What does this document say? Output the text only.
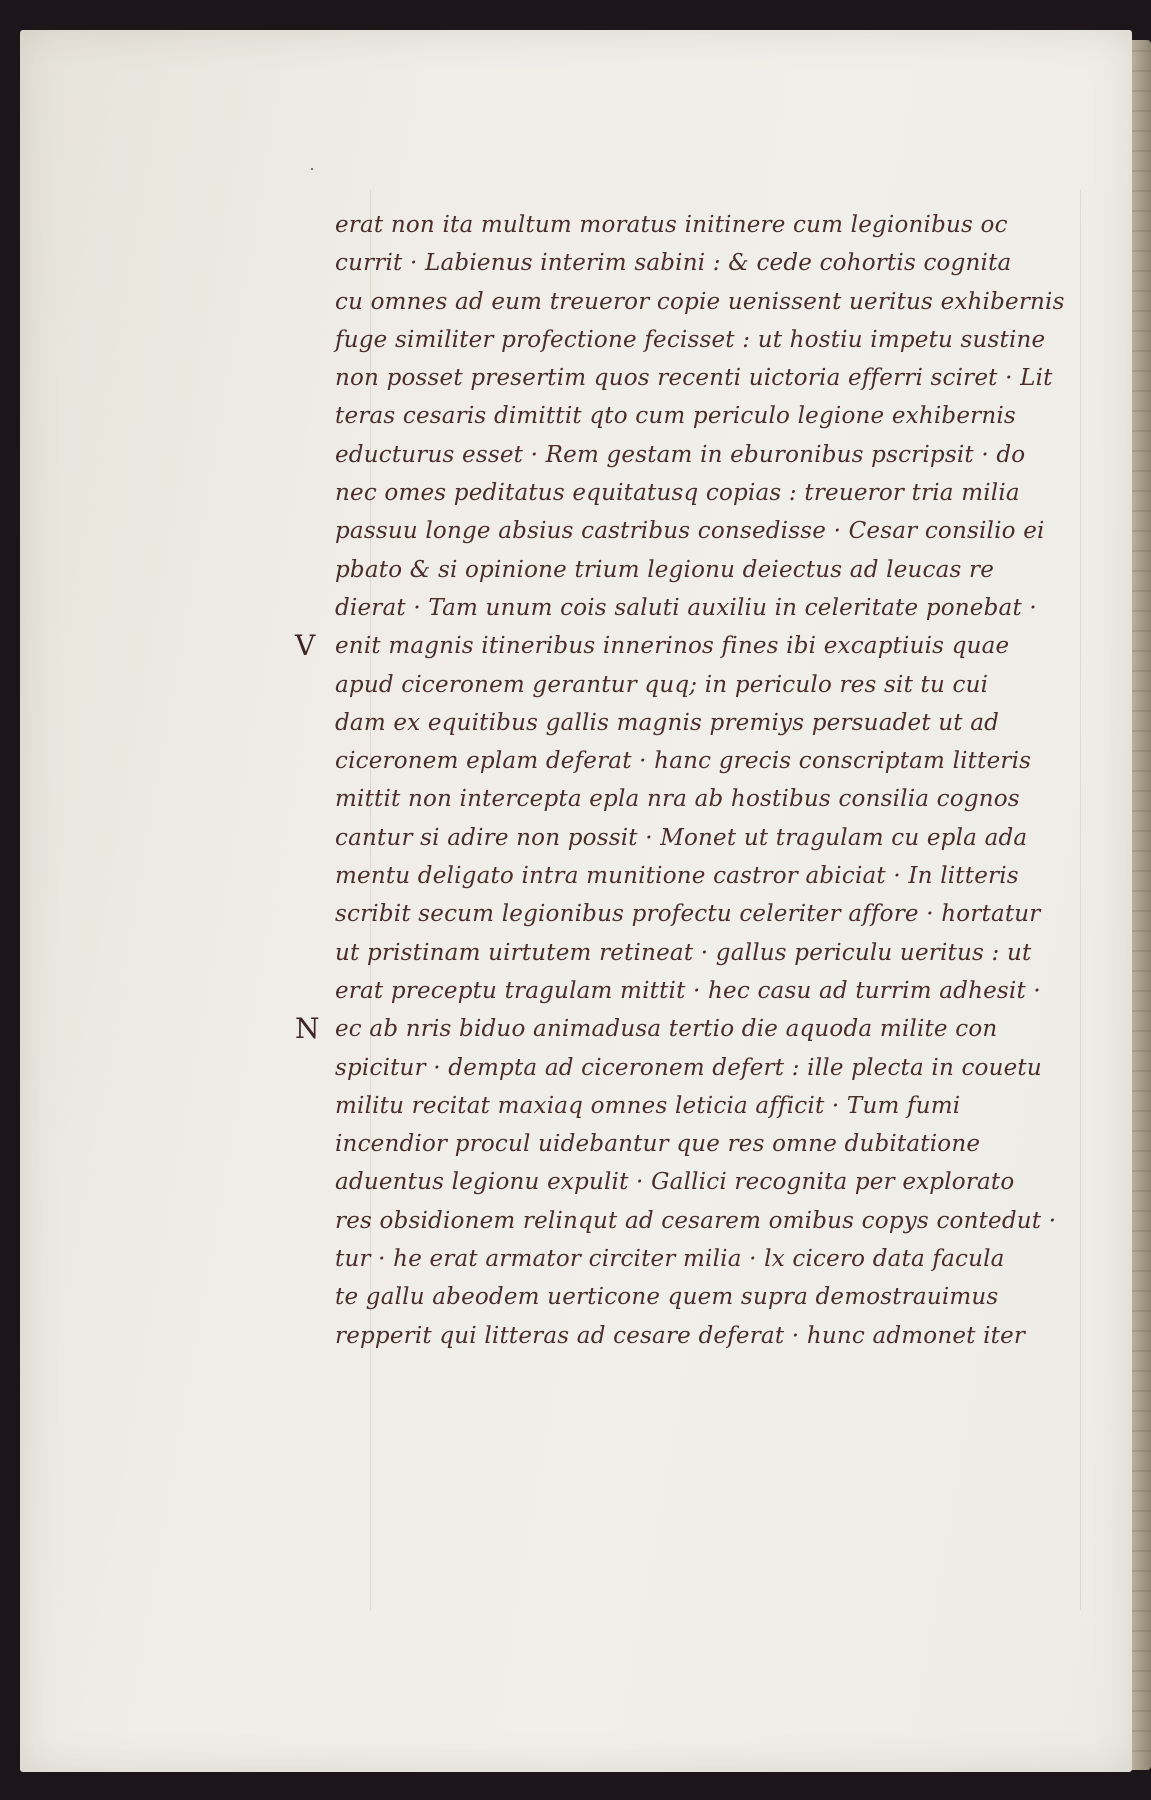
erat non ita multum moratus initinere cum legionibus oc
currit · Labienus interim sabini : & cede cohortis cognita
cu omnes ad eum treueror copie uenissent ueritus exhibernis
fuge similiter profectione fecisset : ut hostiu impetu sustine
non posset presertim quos recenti uictoria efferri sciret · Lit
teras cesaris dimittit qto cum periculo legione exhibernis
educturus esset · Rem gestam in eburonibus pscripsit · do
nec omes peditatus equitatusq copias : treueror tria milia
passuu longe absius castribus consedisse · Cesar consilio ei
pbato & si opinione trium legionu deiectus ad leucas re
dierat · Tam unum cois saluti auxiliu in celeritate ponebat ·
V enit magnis itineribus innerinos fines ibi excaptiuis quae
apud ciceronem gerantur quq; in periculo res sit tu cui
dam ex equitibus gallis magnis premiys persuadet ut ad
ciceronem eplam deferat · hanc grecis conscriptam litteris
mittit non intercepta epla nra ab hostibus consilia cognos
cantur si adire non possit · Monet ut tragulam cu epla ada
mentu deligato intra munitione castror abiciat · In litteris
scribit secum legionibus profectu celeriter affore · hortatur
ut pristinam uirtutem retineat · gallus periculu ueritus : ut
erat preceptu tragulam mittit · hec casu ad turrim adhesit ·
N ec ab nris biduo animadusa tertio die aquoda milite con
spicitur · dempta ad ciceronem defert : ille plecta in couetu
militu recitat maxiaq omnes leticia afficit · Tum fumi
incendior procul uidebantur que res omne dubitatione
aduentus legionu expulit · Gallici recognita per explorato
res obsidionem relinqut ad cesarem omibus copys contedut ·
tur · he erat armator circiter milia · lx cicero data facula
te gallu abeodem uerticone quem supra demostrauimus
repperit qui litteras ad cesare deferat · hunc admonet iter
